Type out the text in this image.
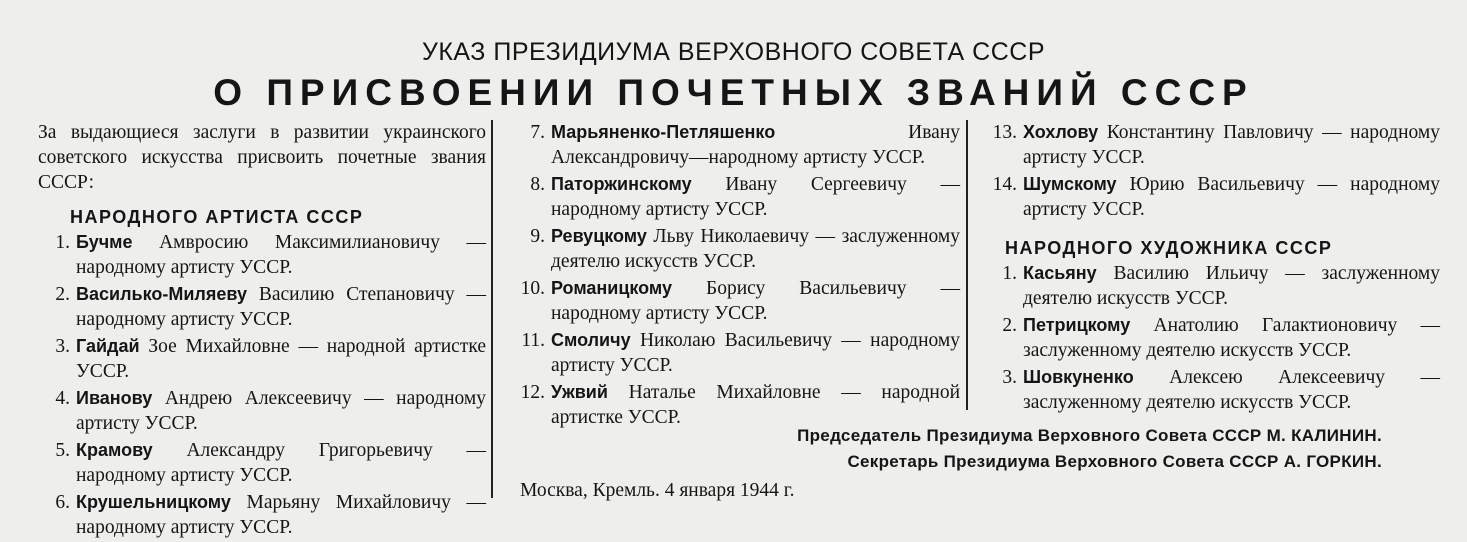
УКАЗ ПРЕЗИДИУМА ВЕРХОВНОГО СОВЕТА СССР
О ПРИСВОЕНИИ ПОЧЕТНЫХ ЗВАНИЙ СССР

За выдающиеся заслуги в развитии украинского советского искусства присвоить почетные звания СССР:

НАРОДНОГО АРТИСТА СССР
1. Бучме Амвросию Максимилиановичу — народному артисту УССР.
2. Василько-Миляеву Василию Степановичу — народному артисту УССР.
3. Гайдай Зое Михайловне — народной артистке УССР.
4. Иванову Андрею Алексеевичу — народному артисту УССР.
5. Крамову Александру Григорьевичу — народному артисту УССР.
6. Крушельницкому Марьяну Михайловичу — народному артисту УССР.
7. Марьяненко-Петляшенко	Ивану Александровичу—народному артисту УССР.
8. Паторжинскому Ивану Сергеевичу — народному артисту УССР.
9. Ревуцкому Льву Николаевичу — заслуженному деятелю искусств УССР.
10. Романицкому Борису Васильевичу — народному артисту УССР.
11. Смоличу Николаю Васильевичу — народному артисту УССР.
12. Ужвий Наталье Михайловне — народной артистке УССР.
13. Хохлову Константину Павловичу — народному артисту УССР.
14. Шумскому Юрию Васильевичу — народному артисту УССР.
НАРОДНОГО ХУДОЖНИКА СССР
1. Касьяну Василию Ильичу — заслуженному деятелю искусств УССР.
2. Петрицкому Анатолию Галактионовичу — заслуженному деятелю искусств УССР.
3. Шовкуненко Алексею Алексеевичу — заслуженному деятелю искусств УССР.
Председатель Президиума Верховного Совета СССР М. КАЛИНИН.
Секретарь Президиума Верховного Совета СССР А. ГОРКИН.
Москва, Кремль. 4 января 1944 г.
